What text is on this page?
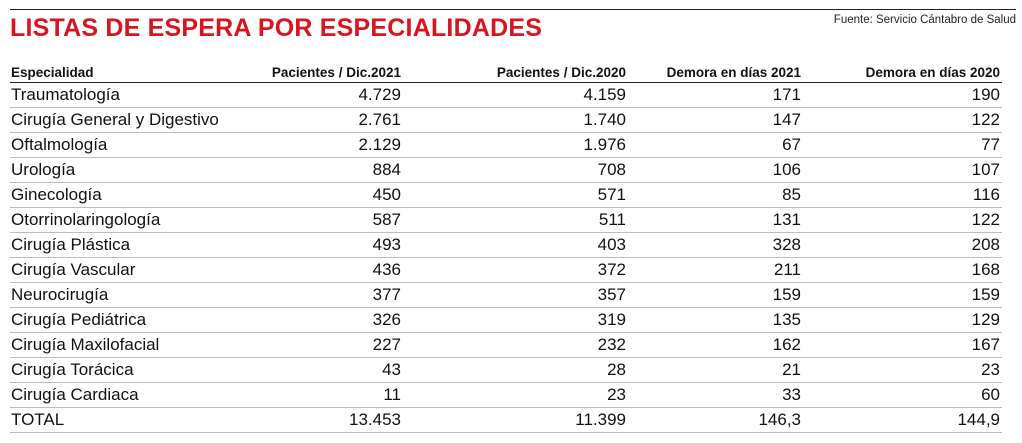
LISTAS DE ESPERA POR ESPECIALIDADES	Fuente: Servicio Cántabro de Salud
Especialidad	Pacientes / Dic.2021	Pacientes / Dic.2020	Demora en días 2021	Demora en días 2020
Traumatología	4.729	4.159	171	190
Cirugía General y Digestivo	2.761	1.740	147	122
Oftalmología	2.129	1.976	67	77
Urología	884	708	106	107
Ginecología	450	571	85	116
Otorrinolaringología	587	511	131	122
Cirugía Plástica	493	403	328	208
Cirugía Vascular	436	372	211	168
Neurocirugía	377	357	159	159
Cirugía Pediátrica	326	319	135	129
Cirugía Maxilofacial	227	232	162	167
Cirugía Torácica	43	28	21	23
Cirugía Cardiaca	11	23	33	60
TOTAL	13.453	11.399	146,3	144,9
